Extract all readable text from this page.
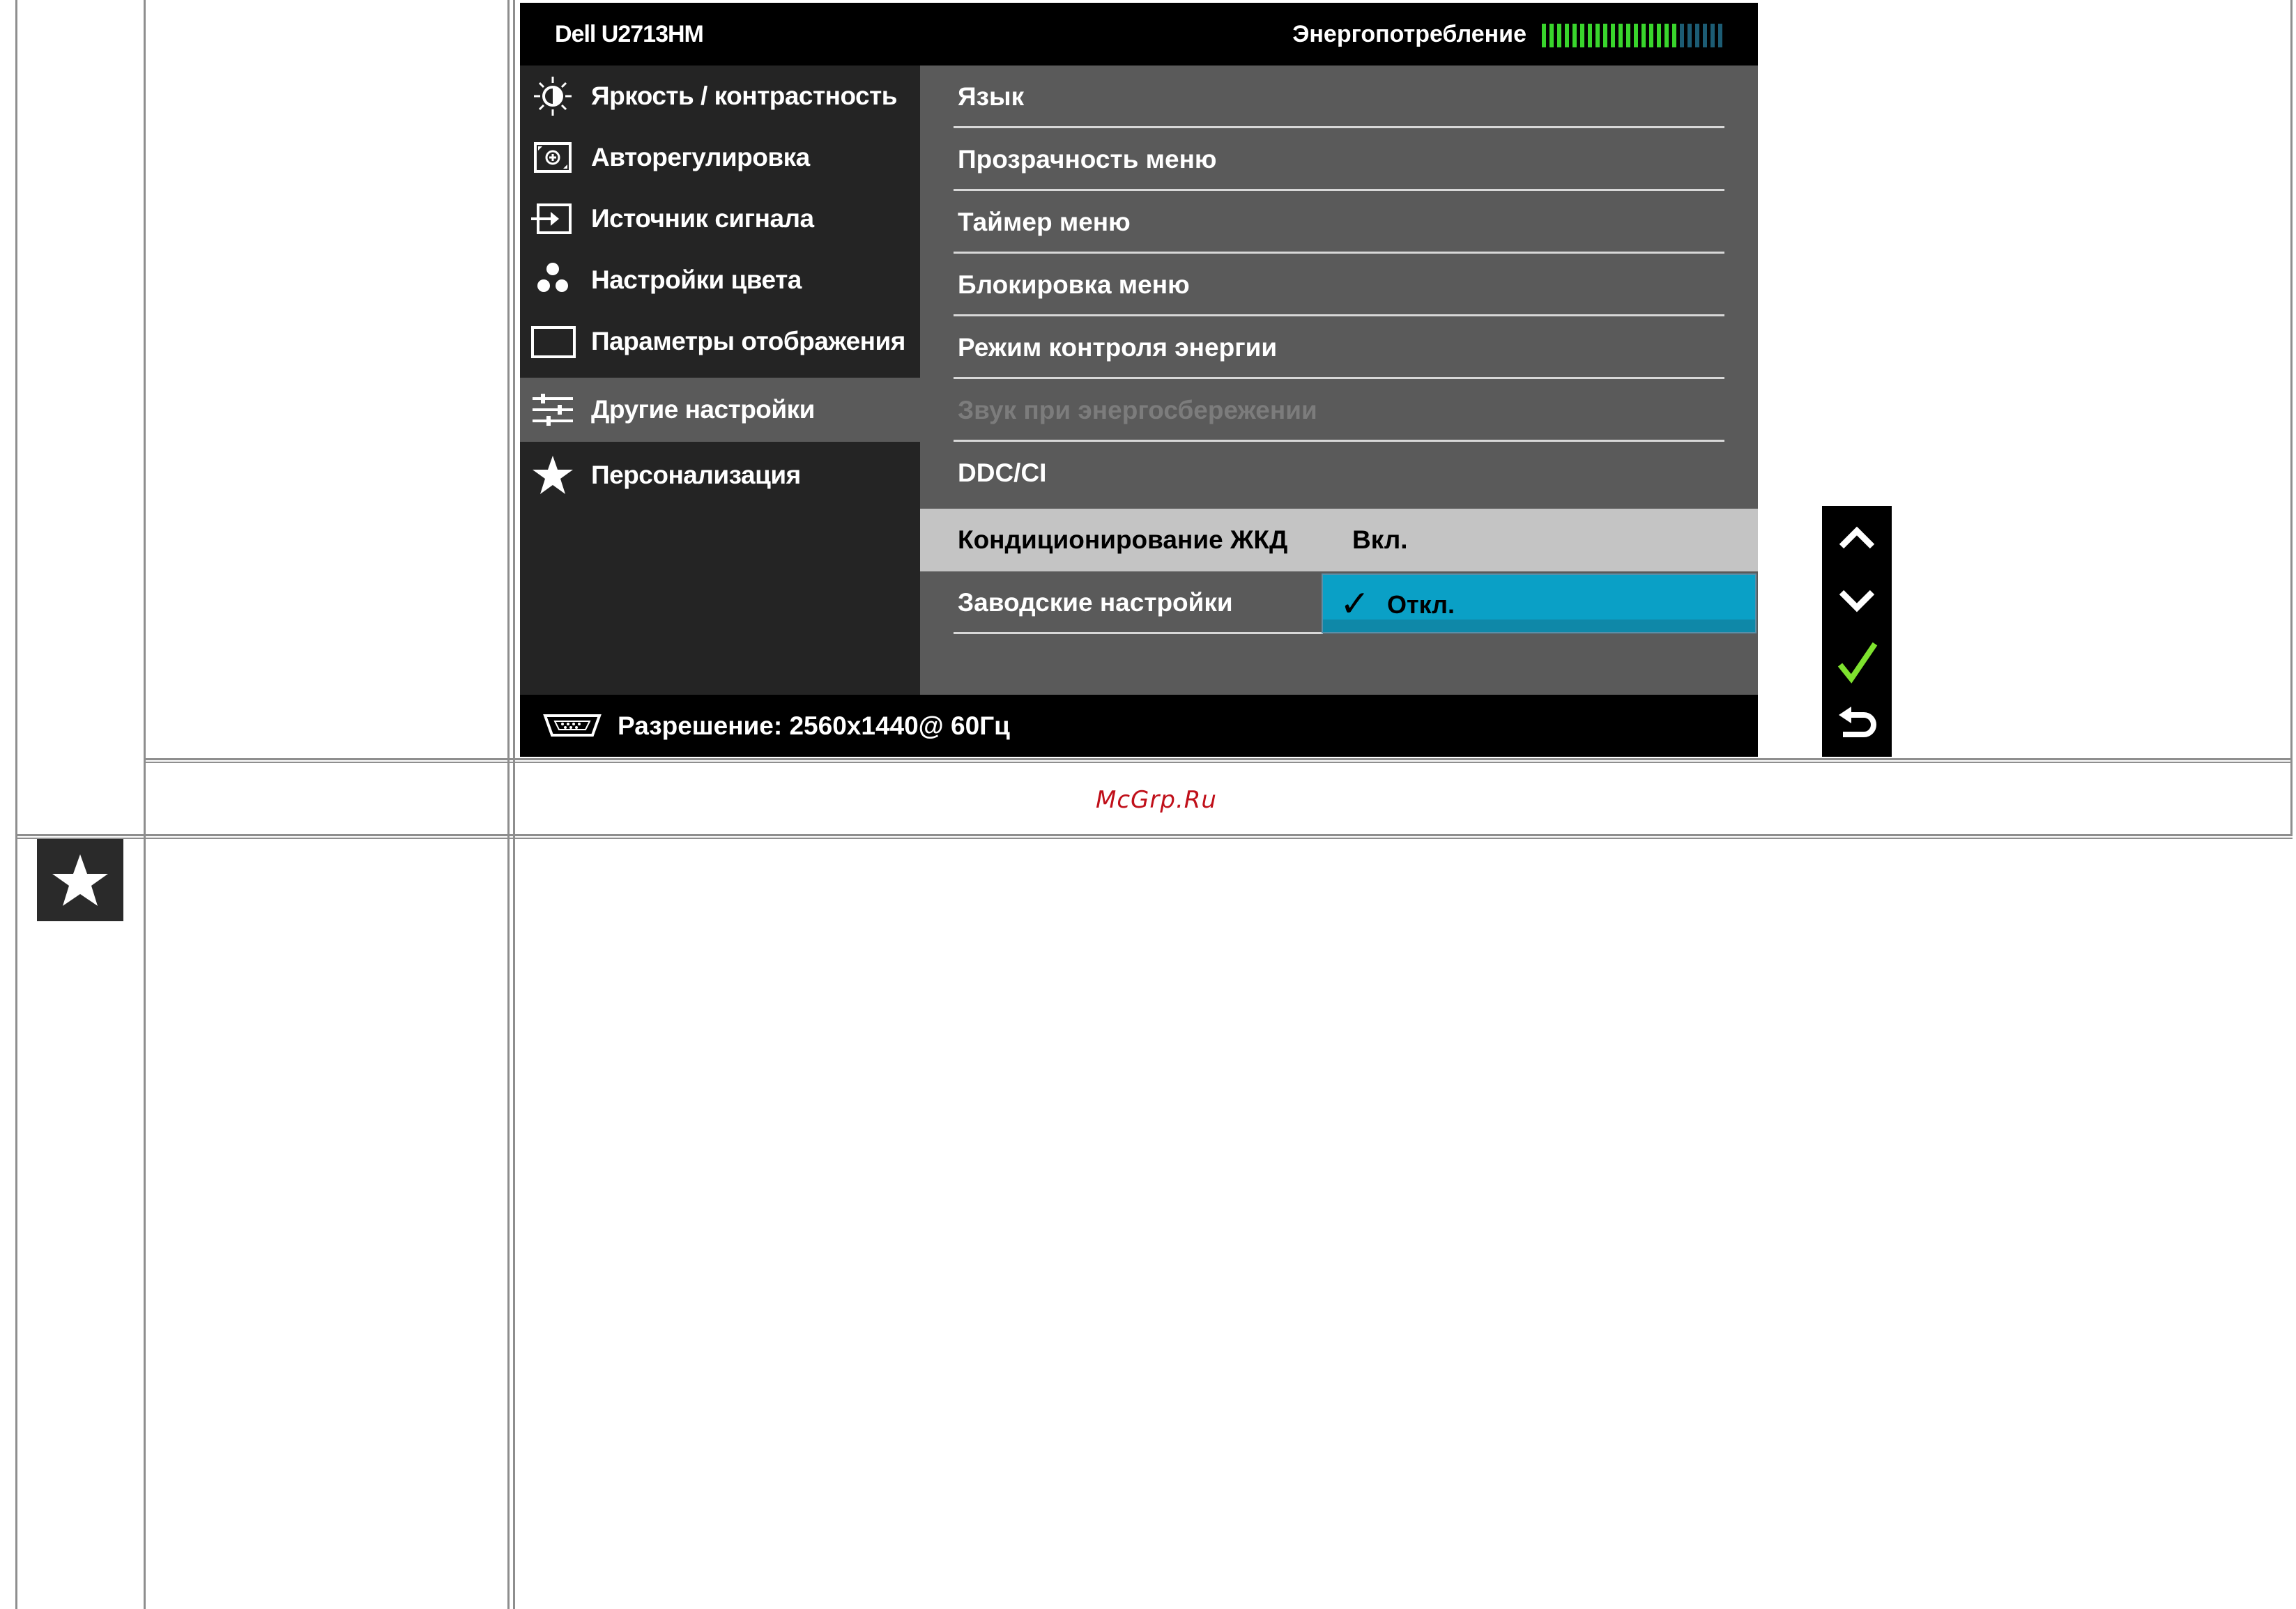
Dell U2713HM	Энергопотребление
Яркость / контрастность
Авторегулировка
Источник сигнала
Настройки цвета
Параметры отображения
Другие настройки
Персонализация
Язык
Прозрачность меню
Таймер меню
Блокировка меню
Режим контроля энергии
Звук при энергосбережении
DDC/CI
Кондиционирование ЖКД	Вкл.
Заводские настройки	✓ Откл.
Разрешение: 2560x1440@ 60Гц
McGrp.Ru
